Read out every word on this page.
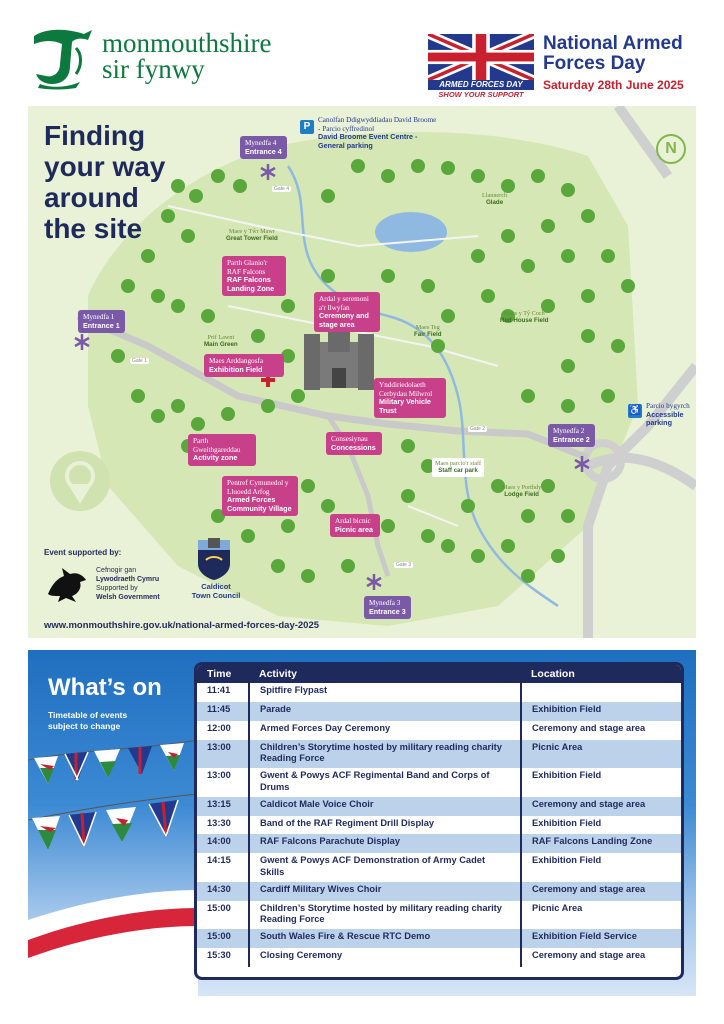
monmouthshire
sir fynwy
ARMED FORCES DAY
SHOW YOUR SUPPORT
National Armed
Forces Day
Saturday 28th June 2025
Finding
your way
around
the site
N
P
Canolfan Ddigwyddiadau David Broome - Parcio cyffredinol
David Broome Event Centre - General parking
♿ Parcio hygyrch
Accessible parking
Mynedfa 4
Entrance 4
Mynedfa 1
Entrance 1
Mynedfa 2
Entrance 2
Mynedfa 3
Entrance 3
Parth Glanio'r RAF Falcons
RAF Falcons Landing Zone
Ardal y seremoni a'r llwyfan
Ceremony and stage area
Maes Arddangosfa
Exhibition Field
Ynddiriedolaeth Cerbydau Milwrol
Military Vehicle Trust
Consesiynau
Concessions
Parth Gweithgareddau
Activity zone
Pentref Cymunedol y Lluoedd Arfog
Armed Forces Community Village
Ardal bicnic
Picnic area
Maes y Tŵr Mawr
Great Tower Field
Llannerch
Glade
Prif Lawnt
Main Green
Maes Teg
Fair Field
Maes y Tŷ Coch
Red House Field
Maes parcio'r staff
Staff car park
Maes y Porthdy
Lodge Field
Gate 4
Gate 1
Gate 2
Gate 3
Event supported by:
Cefnogir gan
Lywodraeth Cymru
Supported by
Welsh Government
Caldicot
Town Council
www.monmouthshire.gov.uk/national-armed-forces-day-2025
What’s on
Timetable of events subject to change
Time	Activity	Location
11:41	Spitfire Flypast	
11:45	Parade	Exhibition Field
12:00	Armed Forces Day Ceremony	Ceremony and stage area
13:00	Children’s Storytime hosted by military reading charity Reading Force	Picnic Area
13:00	Gwent & Powys ACF Regimental Band and Corps of Drums	Exhibition Field
13:15	Caldicot Male Voice Choir	Ceremony and stage area
13:30	Band of the RAF Regiment Drill Display	Exhibition Field
14:00	RAF Falcons Parachute Display	RAF Falcons Landing Zone
14:15	Gwent & Powys ACF Demonstration of Army Cadet Skills	Exhibition Field
14:30	Cardiff Military Wives Choir	Ceremony and stage area
15:00	Children’s Storytime hosted by military reading charity Reading Force	Picnic Area
15:00	South Wales Fire & Rescue RTC Demo	Exhibition Field Service
15:30	Closing Ceremony	Ceremony and stage area
